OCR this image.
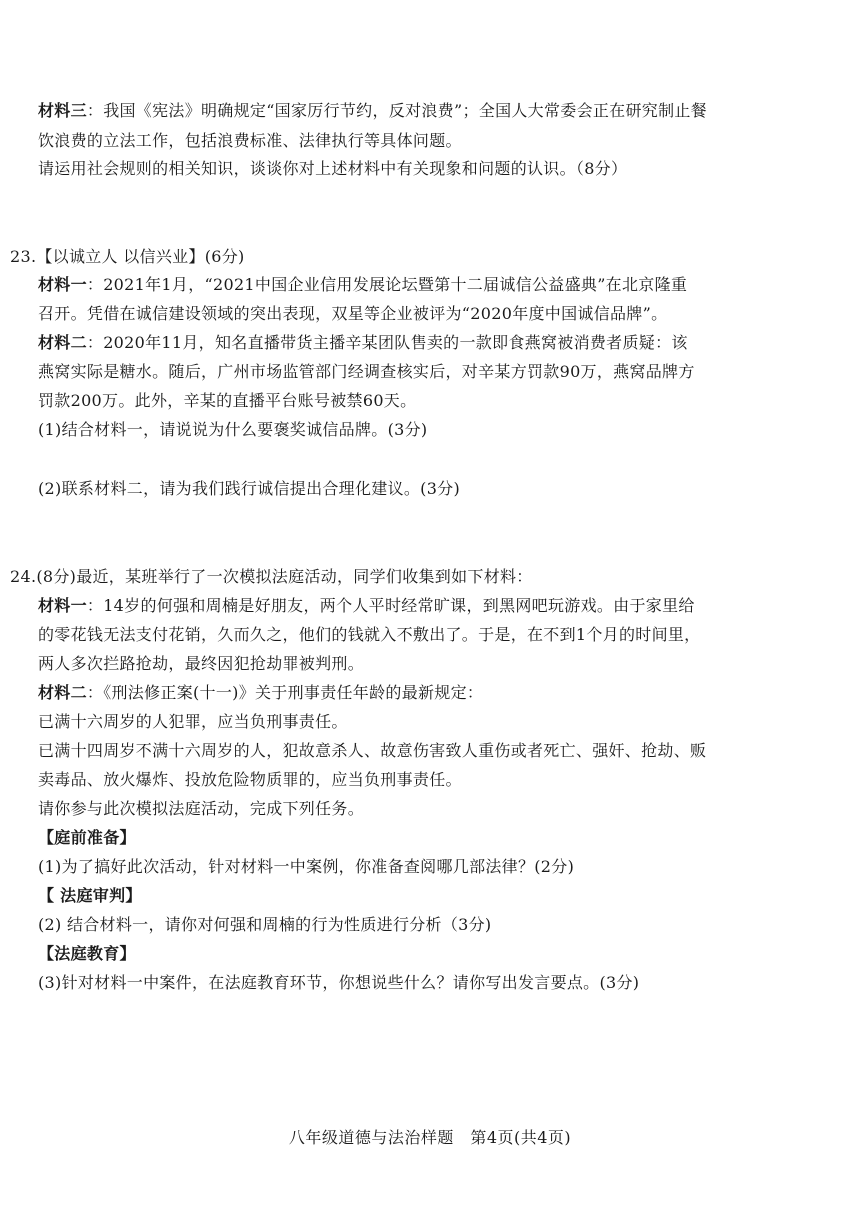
材料三：我国《宪法》明确规定“国家厉行节约，反对浪费”；全国人大常委会正在研究制止餐
饮浪费的立法工作，包括浪费标准、法律执行等具体问题。
请运用社会规则的相关知识，谈谈你对上述材料中有关现象和问题的认识。（8分）
23.【以诚立人 以信兴业】(6分)
材料一：2021年1月，“2021中国企业信用发展论坛暨第十二届诚信公益盛典”在北京隆重
召开。凭借在诚信建设领域的突出表现，双星等企业被评为“2020年度中国诚信品牌”。
材料二：2020年11月，知名直播带货主播辛某团队售卖的一款即食燕窝被消费者质疑：该
燕窝实际是糖水。随后，广州市场监管部门经调查核实后，对辛某方罚款90万，燕窝品牌方
罚款200万。此外，辛某的直播平台账号被禁60天。
(1)结合材料一，请说说为什么要褒奖诚信品牌。(3分)
(2)联系材料二，请为我们践行诚信提出合理化建议。(3分)
24.(8分)最近，某班举行了一次模拟法庭活动，同学们收集到如下材料：
材料一：14岁的何强和周楠是好朋友，两个人平时经常旷课，到黑网吧玩游戏。由于家里给
的零花钱无法支付花销，久而久之，他们的钱就入不敷出了。于是，在不到1个月的时间里，
两人多次拦路抢劫，最终因犯抢劫罪被判刑。
材料二：《刑法修正案(十一)》关于刑事责任年龄的最新规定：
已满十六周岁的人犯罪，应当负刑事责任。
已满十四周岁不满十六周岁的人，犯故意杀人、故意伤害致人重伤或者死亡、强奸、抢劫、贩
卖毒品、放火爆炸、投放危险物质罪的，应当负刑事责任。
请你参与此次模拟法庭活动，完成下列任务。
【庭前准备】
(1)为了搞好此次活动，针对材料一中案例，你准备查阅哪几部法律？(2分)
【 法庭审判】
(2) 结合材料一，请你对何强和周楠的行为性质进行分析（3分)
【法庭教育】
(3)针对材料一中案件，在法庭教育环节，你想说些什么？请你写出发言要点。(3分)
八年级道德与法治样题　第4页(共4页)
